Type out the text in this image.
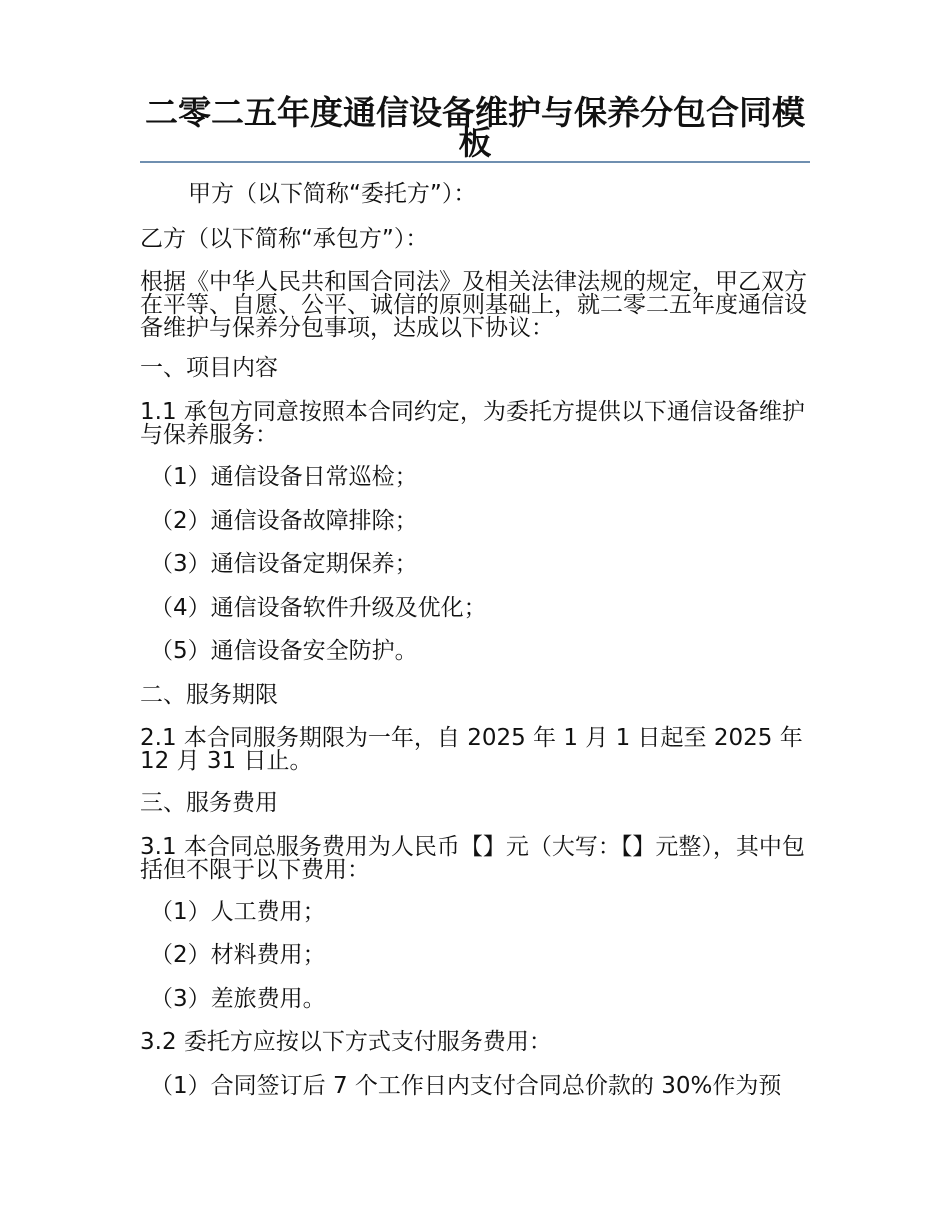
二零二五年度通信设备维护与保养分包合同模板

甲方（以下简称“委托方”）：

乙方（以下简称“承包方”）：

根据《中华人民共和国合同法》及相关法律法规的规定，甲乙双方在平等、自愿、公平、诚信的原则基础上，就二零二五年度通信设备维护与保养分包事项，达成以下协议：

一、项目内容

1.1 承包方同意按照本合同约定，为委托方提供以下通信设备维护与保养服务：

（1）通信设备日常巡检；

（2）通信设备故障排除；

（3）通信设备定期保养；

（4）通信设备软件升级及优化；

（5）通信设备安全防护。

二、服务期限

2.1 本合同服务期限为一年，自 2025 年 1 月 1 日起至 2025 年 12 月 31 日止。

三、服务费用

3.1 本合同总服务费用为人民币【】元（大写：【】元整），其中包括但不限于以下费用：

（1）人工费用；

（2）材料费用；

（3）差旅费用。

3.2 委托方应按以下方式支付服务费用：

（1）合同签订后 7 个工作日内支付合同总价款的 30%作为预
